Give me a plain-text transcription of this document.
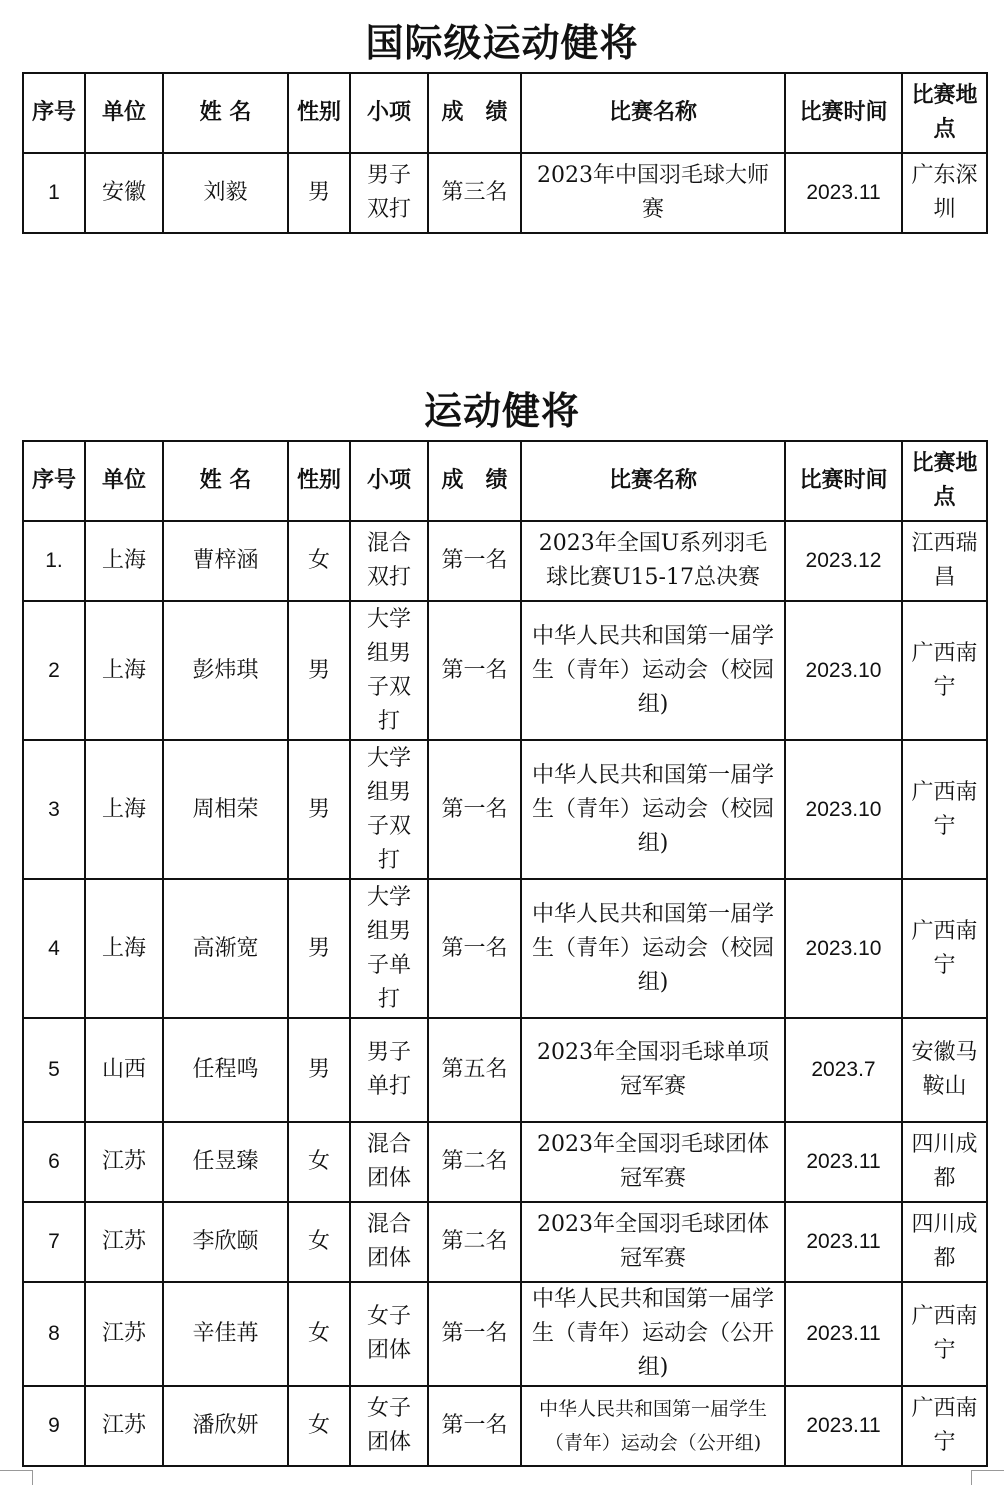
国际级运动健将
序号	单位	姓 名	性别	小项	成　绩	比赛名称	比赛时间	比赛地点
1	安徽	刘毅	男	男子双打	第三名	2023年中国羽毛球大师赛	2023.11	广东深圳
运动健将
序号	单位	姓 名	性别	小项	成　绩	比赛名称	比赛时间	比赛地点
1.	上海	曹梓涵	女	混合双打	第一名	2023年全国U系列羽毛球比赛U15-17总决赛	2023.12	江西瑞昌
2	上海	彭炜琪	男	大学组男子双打	第一名	中华人民共和国第一届学生（青年）运动会（校园组)	2023.10	广西南宁
3	上海	周相荣	男	大学组男子双打	第一名	中华人民共和国第一届学生（青年）运动会（校园组)	2023.10	广西南宁
4	上海	高渐宽	男	大学组男子单打	第一名	中华人民共和国第一届学生（青年）运动会（校园组)	2023.10	广西南宁
5	山西	任程鸣	男	男子单打	第五名	2023年全国羽毛球单项冠军赛	2023.7	安徽马鞍山
6	江苏	任昱臻	女	混合团体	第二名	2023年全国羽毛球团体冠军赛	2023.11	四川成都
7	江苏	李欣颐	女	混合团体	第二名	2023年全国羽毛球团体冠军赛	2023.11	四川成都
8	江苏	辛佳苒	女	女子团体	第一名	中华人民共和国第一届学生（青年）运动会（公开组)	2023.11	广西南宁
9	江苏	潘欣妍	女	女子团体	第一名	中华人民共和国第一届学生（青年）运动会（公开组)	2023.11	广西南宁
